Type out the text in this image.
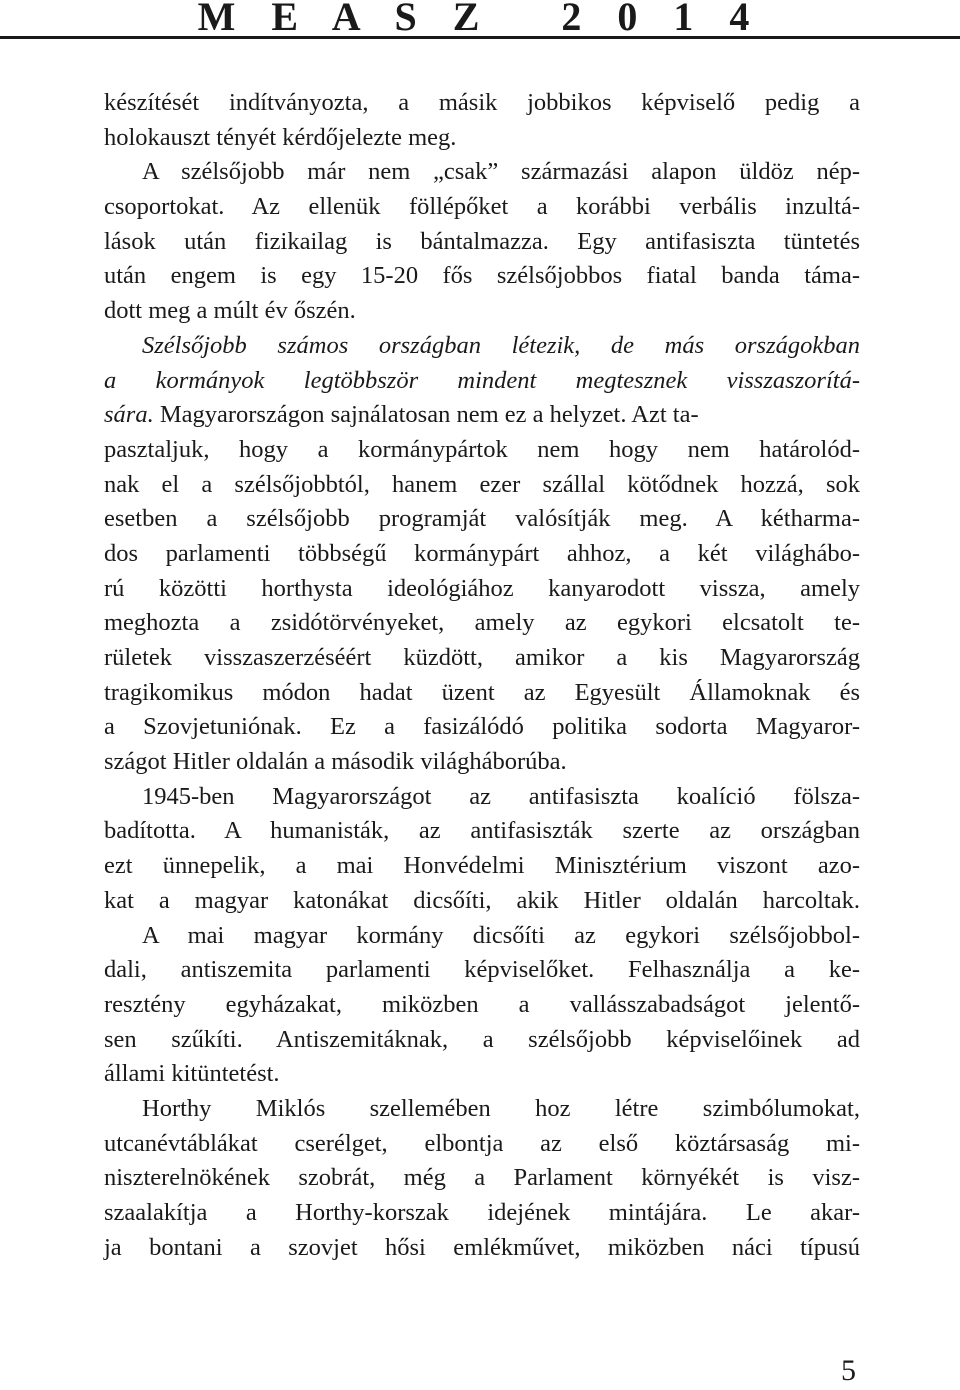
M E A S Z   2 0 1 4
készítését indítványozta, a másik jobbikos képviselő pedig a
holokauszt tényét kérdőjelezte meg.
A szélsőjobb már nem „csak” származási alapon üldöz nép-
csoportokat. Az ellenük föllépőket a korábbi verbális inzultá-
lások után fizikailag is bántalmazza. Egy antifasiszta tüntetés
után engem is egy 15-20 fős szélsőjobbos fiatal banda táma-
dott meg a múlt év őszén.
Szélsőjobb számos országban létezik, de más országokban
a kormányok legtöbbször mindent megtesznek visszaszorítá-
sára. Magyarországon sajnálatosan nem ez a helyzet. Azt ta-
pasztaljuk, hogy a kormánypártok nem hogy nem határolód-
nak el a szélsőjobbtól, hanem ezer szállal kötődnek hozzá, sok
esetben a szélsőjobb programját valósítják meg. A kétharma-
dos parlamenti többségű kormánypárt ahhoz, a két világhábo-
rú közötti horthysta ideológiához kanyarodott vissza, amely
meghozta a zsidótörvényeket, amely az egykori elcsatolt te-
rületek visszaszerzéséért küzdött, amikor a kis Magyarország
tragikomikus módon hadat üzent az Egyesült Államoknak és
a Szovjetuniónak. Ez a fasizálódó politika sodorta Magyaror-
szágot Hitler oldalán a második világháborúba.
1945-ben Magyarországot az antifasiszta koalíció fölsza-
badította. A humanisták, az antifasiszták szerte az országban
ezt ünnepelik, a mai Honvédelmi Minisztérium viszont azo-
kat a magyar katonákat dicsőíti, akik Hitler oldalán harcoltak.
A mai magyar kormány dicsőíti az egykori szélsőjobbol-
dali, antiszemita parlamenti képviselőket. Felhasználja a ke-
resztény egyházakat, miközben a vallásszabadságot jelentő-
sen szűkíti. Antiszemitáknak, a szélsőjobb képviselőinek ad
állami kitüntetést.
Horthy Miklós szellemében hoz létre szimbólumokat,
utcanévtáblákat cserélget, elbontja az első köztársaság mi-
niszterelnökének szobrát, még a Parlament környékét is visz-
szaalakítja a Horthy-korszak idejének mintájára. Le akar-
ja bontani a szovjet hősi emlékművet, miközben náci típusú
5
